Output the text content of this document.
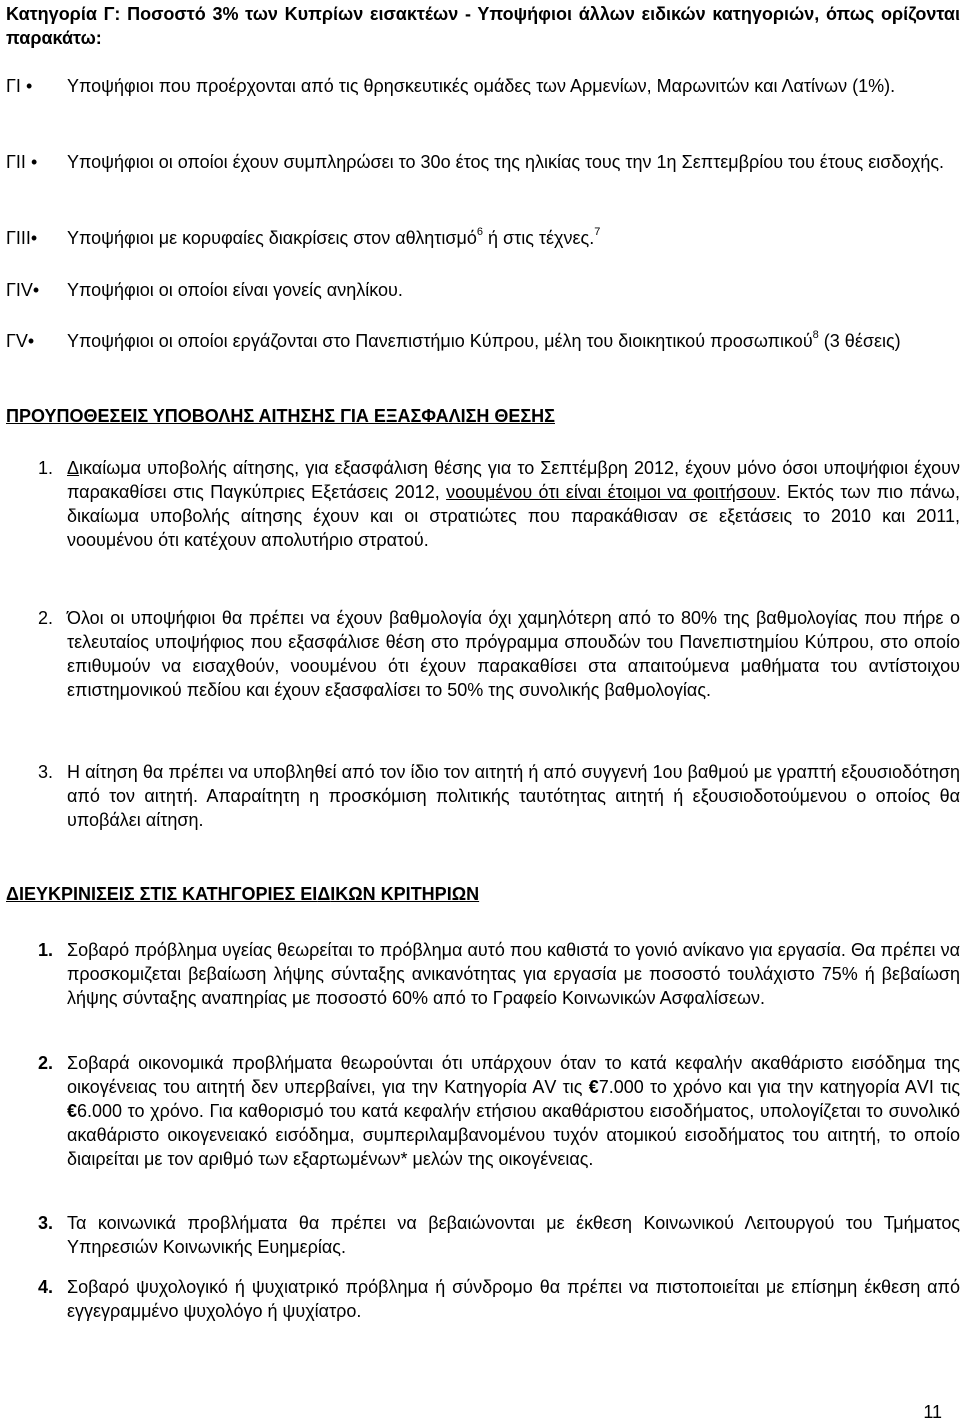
Κατηγορία Γ: Ποσοστό 3% των Κυπρίων εισακτέων - Υποψήφιοι άλλων ειδικών κατηγοριών, όπως ορίζονται παρακάτω:
ΓΙ •	Υποψήφιοι που προέρχονται από τις θρησκευτικές ομάδες των Αρμενίων, Μαρωνιτών και Λατίνων (1%).
ΓΙΙ •	Υποψήφιοι οι οποίοι έχουν συμπληρώσει το 30ο έτος της ηλικίας τους την 1η Σεπτεμβρίου του έτους εισδοχής.
ΓΙΙΙ•	Υποψήφιοι με κορυφαίες διακρίσεις στον αθλητισμό$^6$ ή στις τέχνες.$^7$
ΓΙV•	Υποψήφιοι οι οποίοι είναι γονείς ανηλίκου.
ΓV•	Υποψήφιοι οι οποίοι εργάζονται στο Πανεπιστήμιο Κύπρου, μέλη του διοικητικού προσωπικού$^8$ (3 θέσεις)
ΠΡΟΥΠΟΘΕΣΕΙΣ ΥΠΟΒΟΛΗΣ ΑΙΤΗΣΗΣ ΓΙΑ ΕΞΑΣΦΑΛΙΣΗ ΘΕΣΗΣ
1. Δικαίωμα υποβολής αίτησης, για εξασφάλιση θέσης για το Σεπτέμβρη 2012, έχουν μόνο όσοι υποψήφιοι έχουν παρακαθίσει στις Παγκύπριες Εξετάσεις 2012, νοουμένου ότι είναι έτοιμοι να φοιτήσουν. Εκτός των πιο πάνω, δικαίωμα υποβολής αίτησης έχουν και οι στρατιώτες που παρακάθισαν σε εξετάσεις το 2010 και 2011, νοουμένου ότι κατέχουν απολυτήριο στρατού.
2. Όλοι οι υποψήφιοι θα πρέπει να έχουν βαθμολογία όχι χαμηλότερη από το 80% της βαθμολογίας που πήρε ο τελευταίος υποψήφιος που εξασφάλισε θέση στο πρόγραμμα σπουδών του Πανεπιστημίου Κύπρου, στο οποίο επιθυμούν να εισαχθούν, νοουμένου ότι έχουν παρακαθίσει στα απαιτούμενα μαθήματα του αντίστοιχου επιστημονικού πεδίου και έχουν εξασφαλίσει το 50% της συνολικής βαθμολογίας.
3. Η αίτηση θα πρέπει να υποβληθεί από τον ίδιο τον αιτητή ή από συγγενή 1ου βαθμού με γραπτή εξουσιοδότηση από τον αιτητή. Απαραίτητη η προσκόμιση πολιτικής ταυτότητας αιτητή ή εξουσιοδοτούμενου ο οποίος θα υποβάλει αίτηση.
ΔΙΕΥΚΡΙΝΙΣΕΙΣ ΣΤΙΣ ΚΑΤΗΓΟΡΙΕΣ ΕΙΔΙΚΩΝ ΚΡΙΤΗΡΙΩΝ
1. Σοβαρό πρόβλημα υγείας θεωρείται το πρόβλημα αυτό που καθιστά το γονιό ανίκανο για εργασία. Θα πρέπει να προσκομιζεται βεβαίωση λήψης σύνταξης ανικανότητας για εργασία με ποσοστό τουλάχιστο 75% ή βεβαίωση λήψης σύνταξης αναπηρίας με ποσοστό 60% από το Γραφείο Κοινωνικών Ασφαλίσεων.
2. Σοβαρά οικονομικά προβλήματα θεωρούνται ότι υπάρχουν όταν το κατά κεφαλήν ακαθάριστο εισόδημα της οικογένειας του αιτητή δεν υπερβαίνει, για την Κατηγορία ΑV τις €7.000 το χρόνο και για την κατηγορία ΑVI τις €6.000 το χρόνο. Για καθορισμό του κατά κεφαλήν ετήσιου ακαθάριστου εισοδήματος, υπολογίζεται το συνολικό ακαθάριστο οικογενειακό εισόδημα, συμπεριλαμβανομένου τυχόν ατομικού εισοδήματος του αιτητή, το οποίο διαιρείται με τον αριθμό των εξαρτωμένων* μελών της οικογένειας.
3. Τα κοινωνικά προβλήματα θα πρέπει να βεβαιώνονται με έκθεση Κοινωνικού Λειτουργού του Τμήματος Υπηρεσιών Κοινωνικής Ευημερίας.
4. Σοβαρό ψυχολογικό ή ψυχιατρικό πρόβλημα ή σύνδρομο θα πρέπει να πιστοποιείται με επίσημη έκθεση από εγγεγραμμένο ψυχολόγο ή ψυχίατρο.
11
